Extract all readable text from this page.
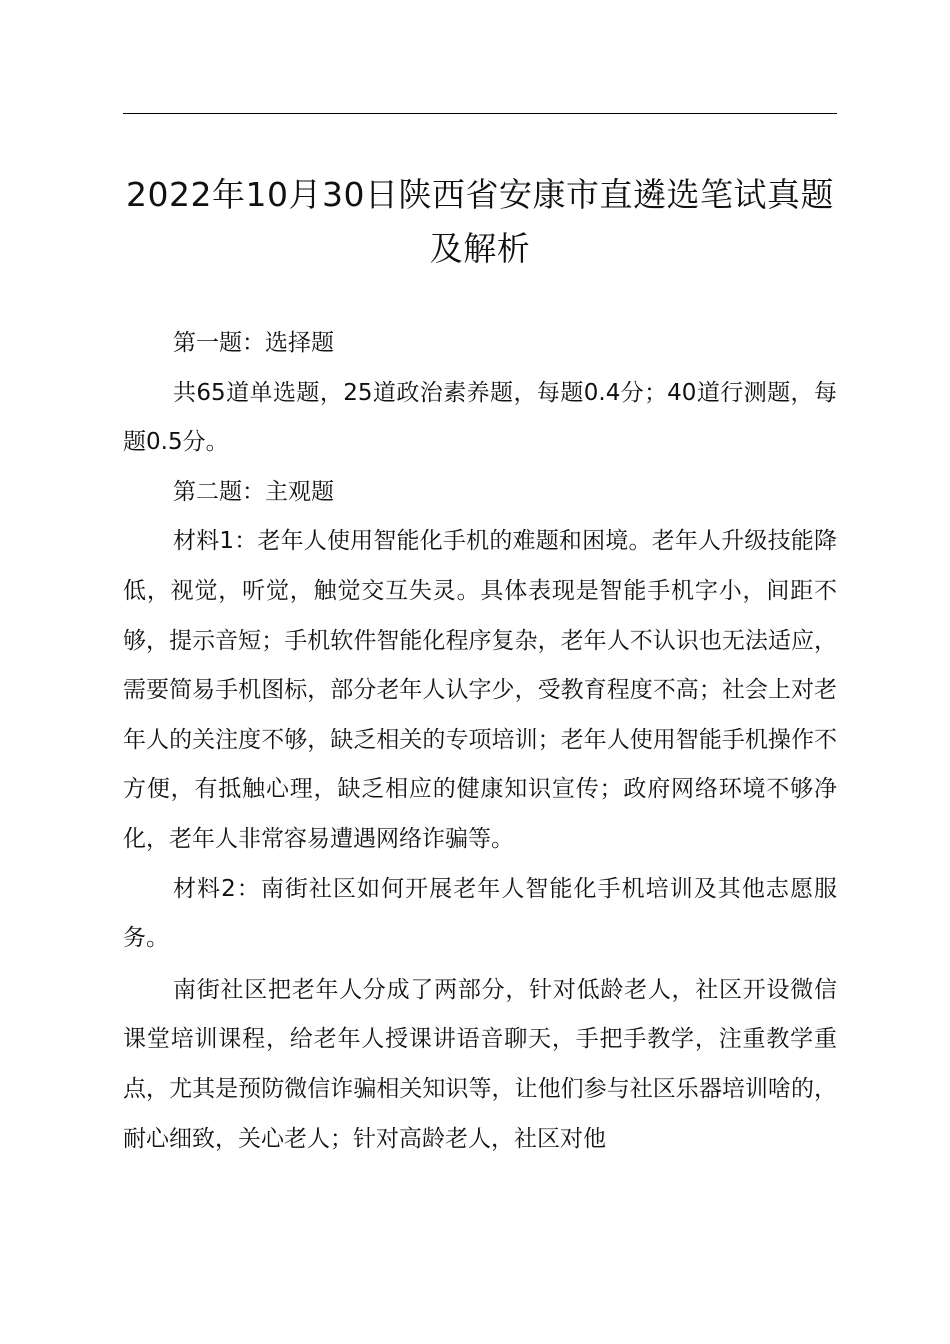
2022年10月30日陕西省安康市直遴选笔试真题及解析

第一题：选择题

共65道单选题，25道政治素养题，每题0.4分；40道行测题，每题0.5分。

第二题：主观题

材料1：老年人使用智能化手机的难题和困境。老年人升级技能降低，视觉，听觉，触觉交互失灵。具体表现是智能手机字小，间距不够，提示音短；手机软件智能化程序复杂，老年人不认识也无法适应，需要简易手机图标，部分老年人认字少，受教育程度不高；社会上对老年人的关注度不够，缺乏相关的专项培训；老年人使用智能手机操作不方便，有抵触心理，缺乏相应的健康知识宣传；政府网络环境不够净化，老年人非常容易遭遇网络诈骗等。

材料2：南街社区如何开展老年人智能化手机培训及其他志愿服务。

南街社区把老年人分成了两部分，针对低龄老人，社区开设微信课堂培训课程，给老年人授课讲语音聊天，手把手教学，注重教学重点，尤其是预防微信诈骗相关知识等，让他们参与社区乐器培训啥的，耐心细致，关心老人；针对高龄老人，社区对他
